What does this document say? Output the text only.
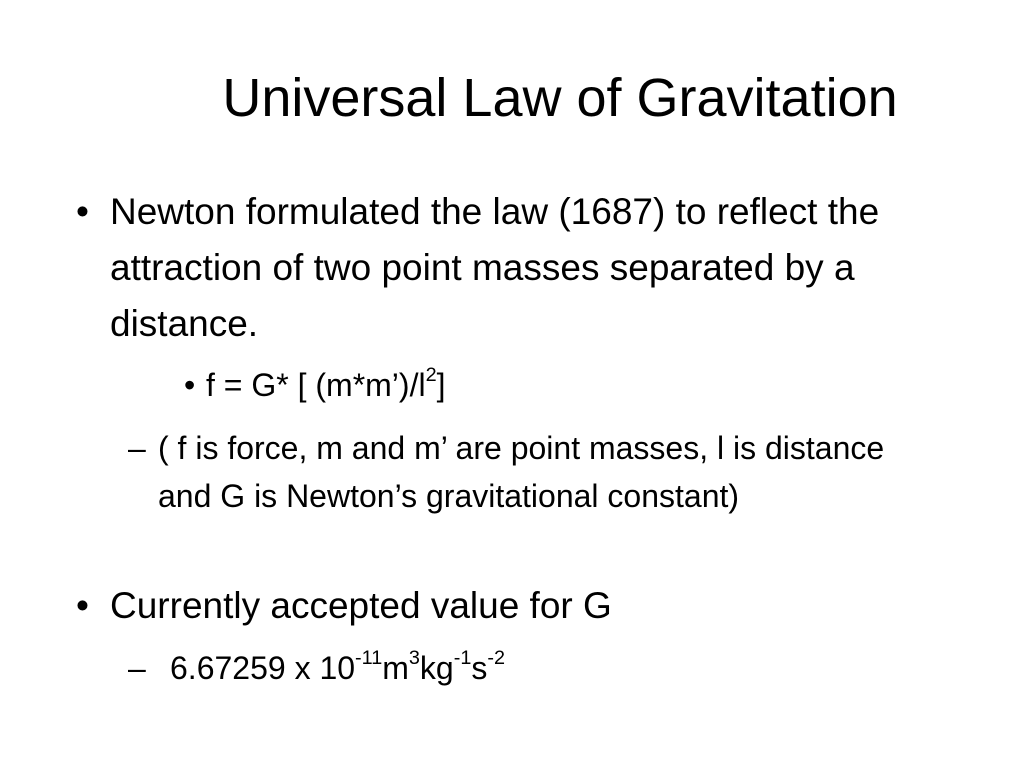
Universal Law of Gravitation
• Newton formulated the law (1687) to reflect the attraction of two point masses separated by a distance.
• f = G* [ $(m*m’)/l^2$]
– ( f is force, m and m’ are point masses, l is distance and G is Newton’s gravitational constant)
• Currently accepted value for G
– 6.67259 x $10^{-11}m^3kg^{-1}s^{-2}$
